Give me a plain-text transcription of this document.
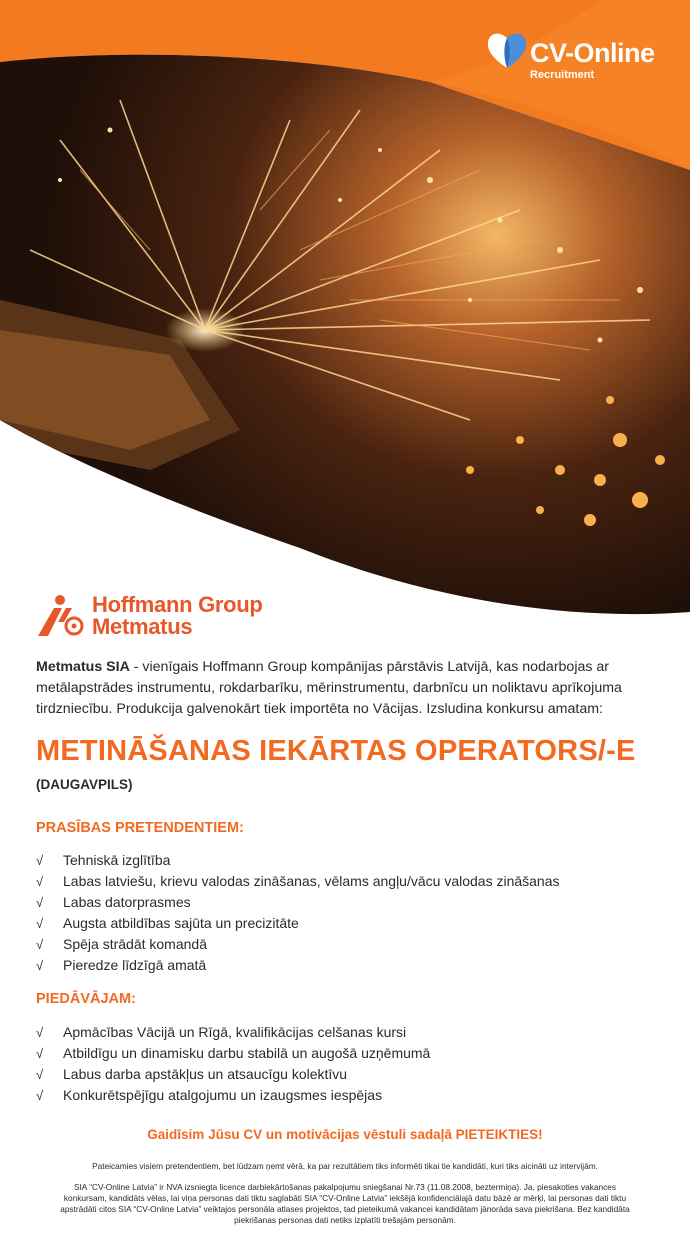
CV-Online
Recruitment
Hoffmann Group
Metmatus
Metmatus SIA - vienīgais Hoffmann Group kompānijas pārstāvis Latvijā, kas nodarbojas ar metālapstrādes instrumentu, rokdarbarīku, mērinstrumentu, darbnīcu un noliktavu aprīkojuma tirdzniecību. Produkcija galvenokārt tiek importēta no Vācijas. Izsludina konkursu amatam:
METINĀŠANAS IEKĀRTAS OPERATORS/-E
(DAUGAVPILS)
PRASĪBAS PRETENDENTIEM:
√ Tehniskā izglītība
√ Labas latviešu, krievu valodas zināšanas, vēlams angļu/vācu valodas zināšanas
√ Labas datorprasmes
√ Augsta atbildības sajūta un precizitāte
√ Spēja strādāt komandā
√ Pieredze līdzīgā amatā
PIEDĀVĀJAM:
√ Apmācības Vācijā un Rīgā, kvalifikācijas celšanas kursi
√ Atbildīgu un dinamisku darbu stabilā un augošā uzņēmumā
√ Labus darba apstākļus un atsaucīgu kolektīvu
√ Konkurētspējīgu atalgojumu un izaugsmes iespējas
Gaidīsim Jūsu CV un motivācijas vēstuli sadaļā PIETEIKTIES!
Pateicamies visiem pretendentiem, bet lūdzam ņemt vērā, ka par rezultātiem tiks informēti tikai tie kandidāti, kuri tiks aicināti uz intervijām.
SIA “CV-Online Latvia” ir NVA izsniegta licence darbiekārtošanas pakalpojumu sniegšanai Nr.73 (11.08.2008, beztermiņa). Ja, piesakoties vakances konkursam, kandidāts vēlas, lai viņa personas dati tiktu saglabāti SIA “CV-Online Latvia” iekšējā konfidenciālajā datu bāzē ar mērķi, lai personas dati tiktu apstrādāti citos SIA “CV-Online Latvia” veiktajos personāla atlases projektos, tad pieteikumā vakancei kandidātam jānorāda sava piekrišana. Bez kandidāta piekrišanas personas dati netiks izplatīti trešajām personām.
